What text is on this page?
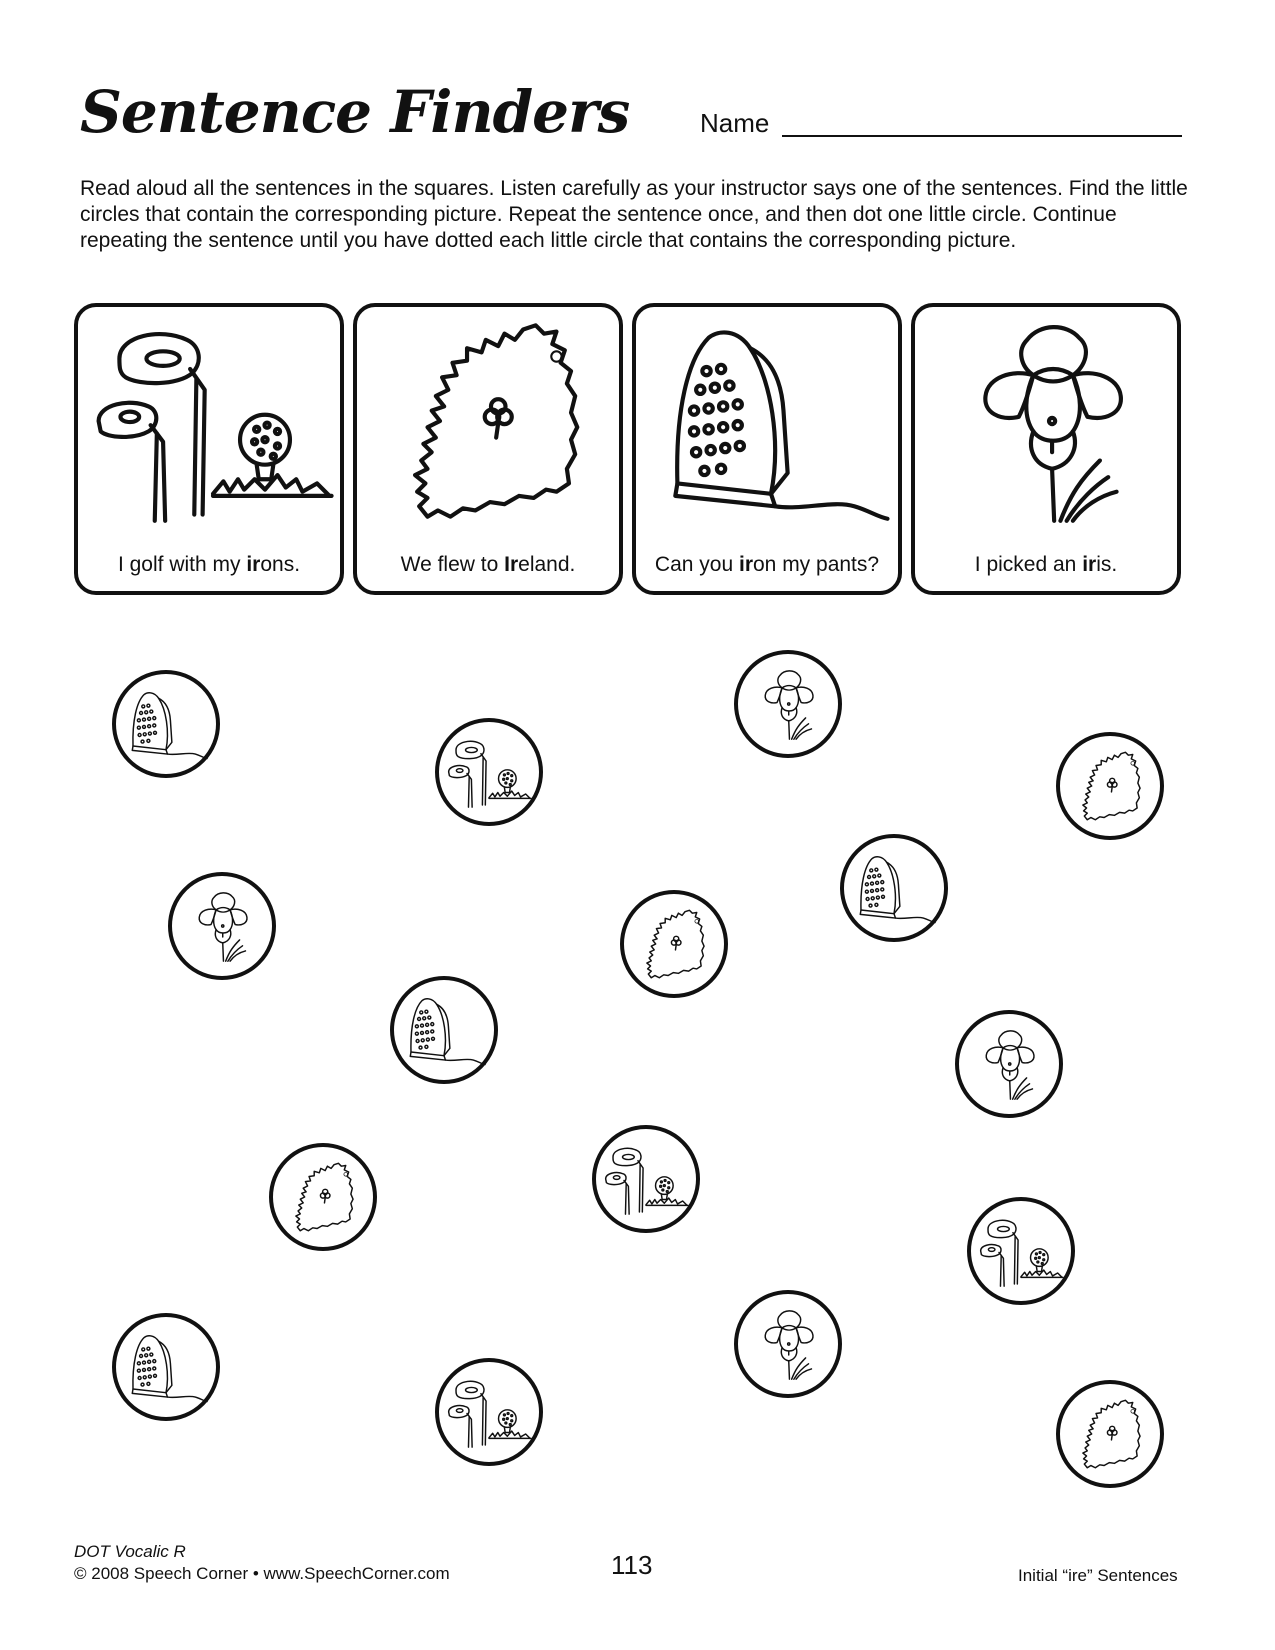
Sentence Finders	Name
Read aloud all the sentences in the squares. Listen carefully as your instructor says one of the sentences. Find the little circles that contain the corresponding picture. Repeat the sentence once, and then dot one little circle. Continue repeating the sentence until you have dotted each little circle that contains the corresponding picture.
I golf with my irons.	We flew to Ireland.	Can you iron my pants?	I picked an iris.
DOT Vocalic R
© 2008 Speech Corner • www.SpeechCorner.com	113	Initial “ire” Sentences
